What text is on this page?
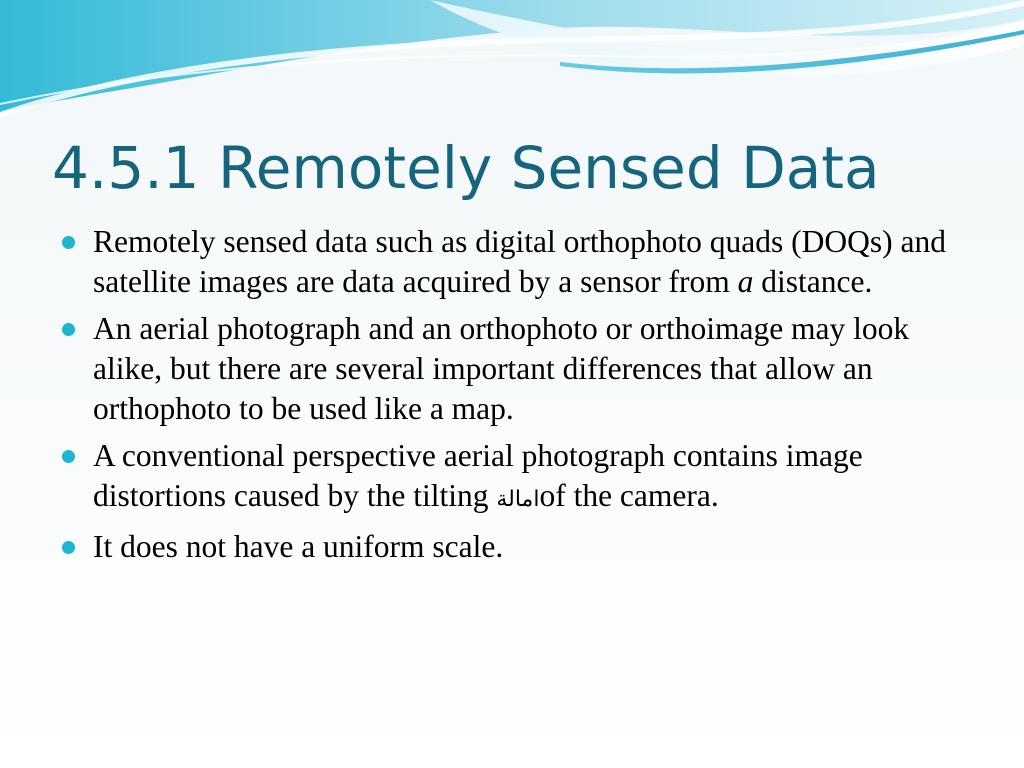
4.5.1 Remotely Sensed Data
Remotely sensed data such as digital orthophoto quads (DOQs) and satellite images are data acquired by a sensor from a distance.
An aerial photograph and an orthophoto or orthoimage may look alike, but there are several important differences that allow an orthophoto to be used like a map.
A conventional perspective aerial photograph contains image distortions caused by the tilting امالةof the camera.
It does not have a uniform scale.
